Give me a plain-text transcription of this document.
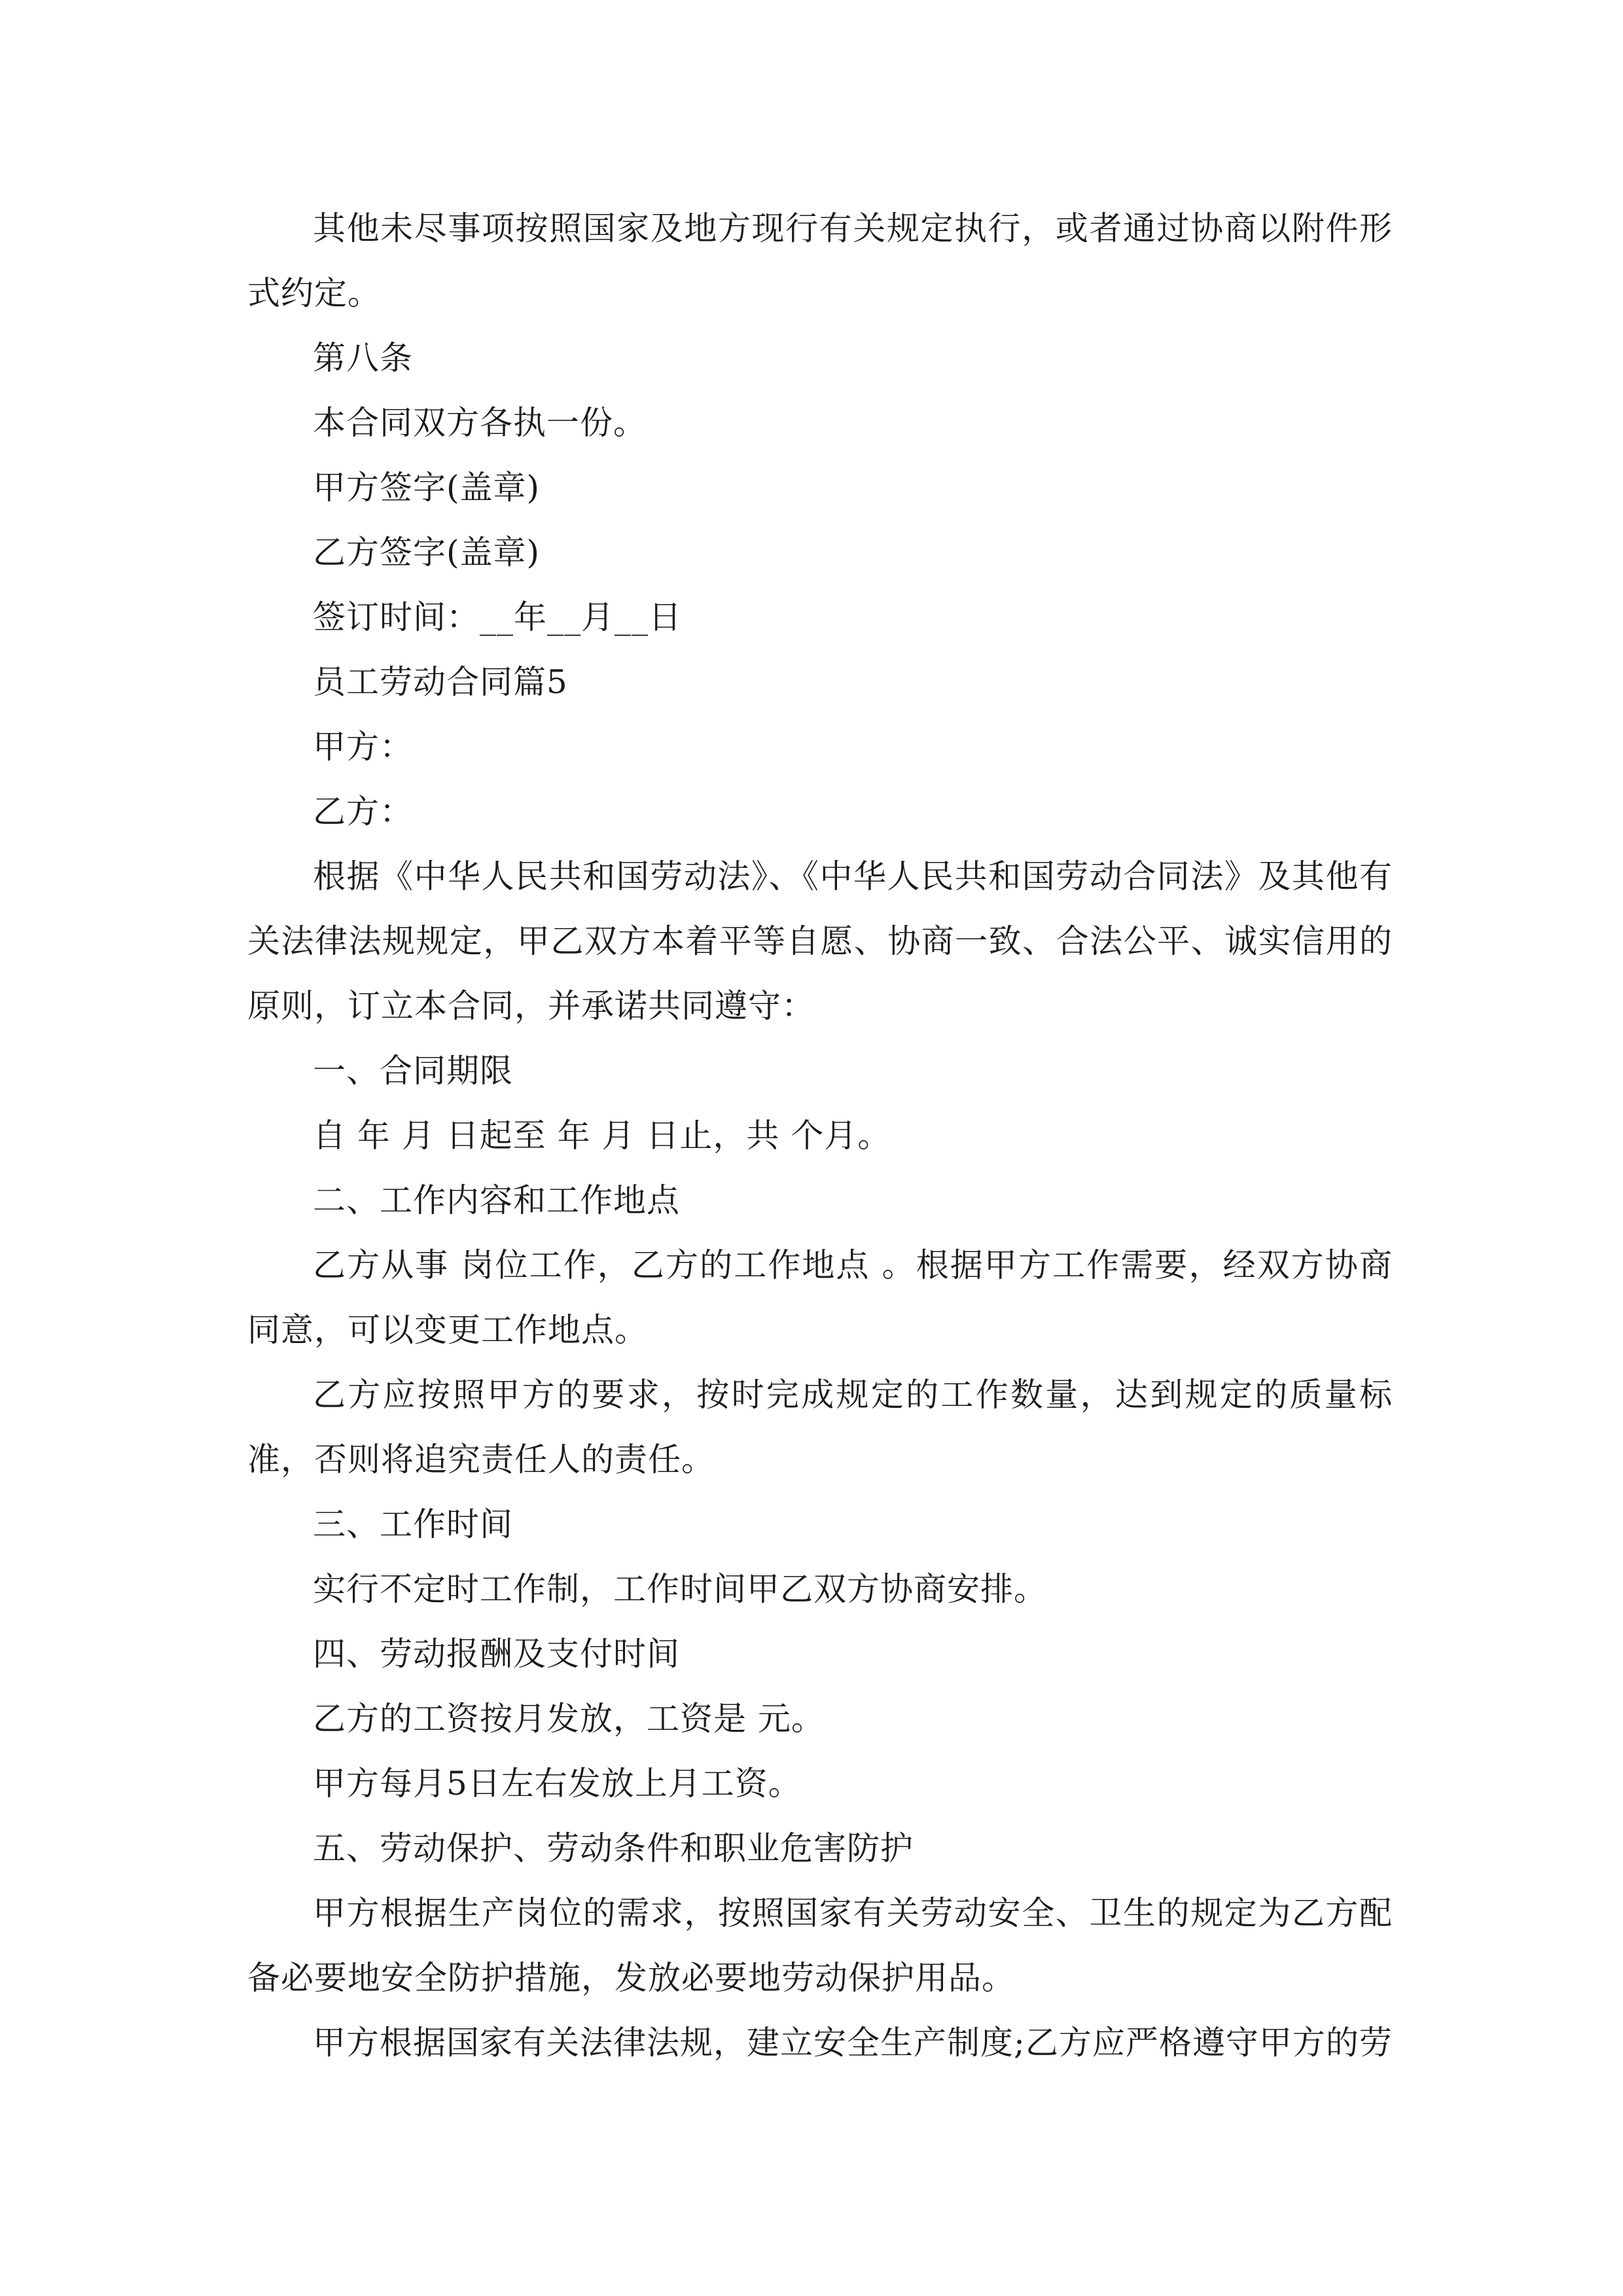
其他未尽事项按照国家及地方现行有关规定执行，或者通过协商以附件形式约定。

第八条

本合同双方各执一份。

甲方签字(盖章)

乙方签字(盖章)

签订时间：__年__月__日

员工劳动合同篇5

甲方：

乙方：

根据《中华人民共和国劳动法》、《中华人民共和国劳动合同法》及其他有关法律法规规定，甲乙双方本着平等自愿、协商一致、合法公平、诚实信用的原则，订立本合同，并承诺共同遵守：

一、合同期限

自 年 月 日起至 年 月 日止，共 个月。

二、工作内容和工作地点

乙方从事 岗位工作，乙方的工作地点 。根据甲方工作需要，经双方协商同意，可以变更工作地点。

乙方应按照甲方的要求，按时完成规定的工作数量，达到规定的质量标准，否则将追究责任人的责任。

三、工作时间

实行不定时工作制，工作时间甲乙双方协商安排。

四、劳动报酬及支付时间

乙方的工资按月发放，工资是 元。

甲方每月5日左右发放上月工资。

五、劳动保护、劳动条件和职业危害防护

甲方根据生产岗位的需求，按照国家有关劳动安全、卫生的规定为乙方配备必要地安全防护措施，发放必要地劳动保护用品。

甲方根据国家有关法律法规，建立安全生产制度;乙方应严格遵守甲方的劳
